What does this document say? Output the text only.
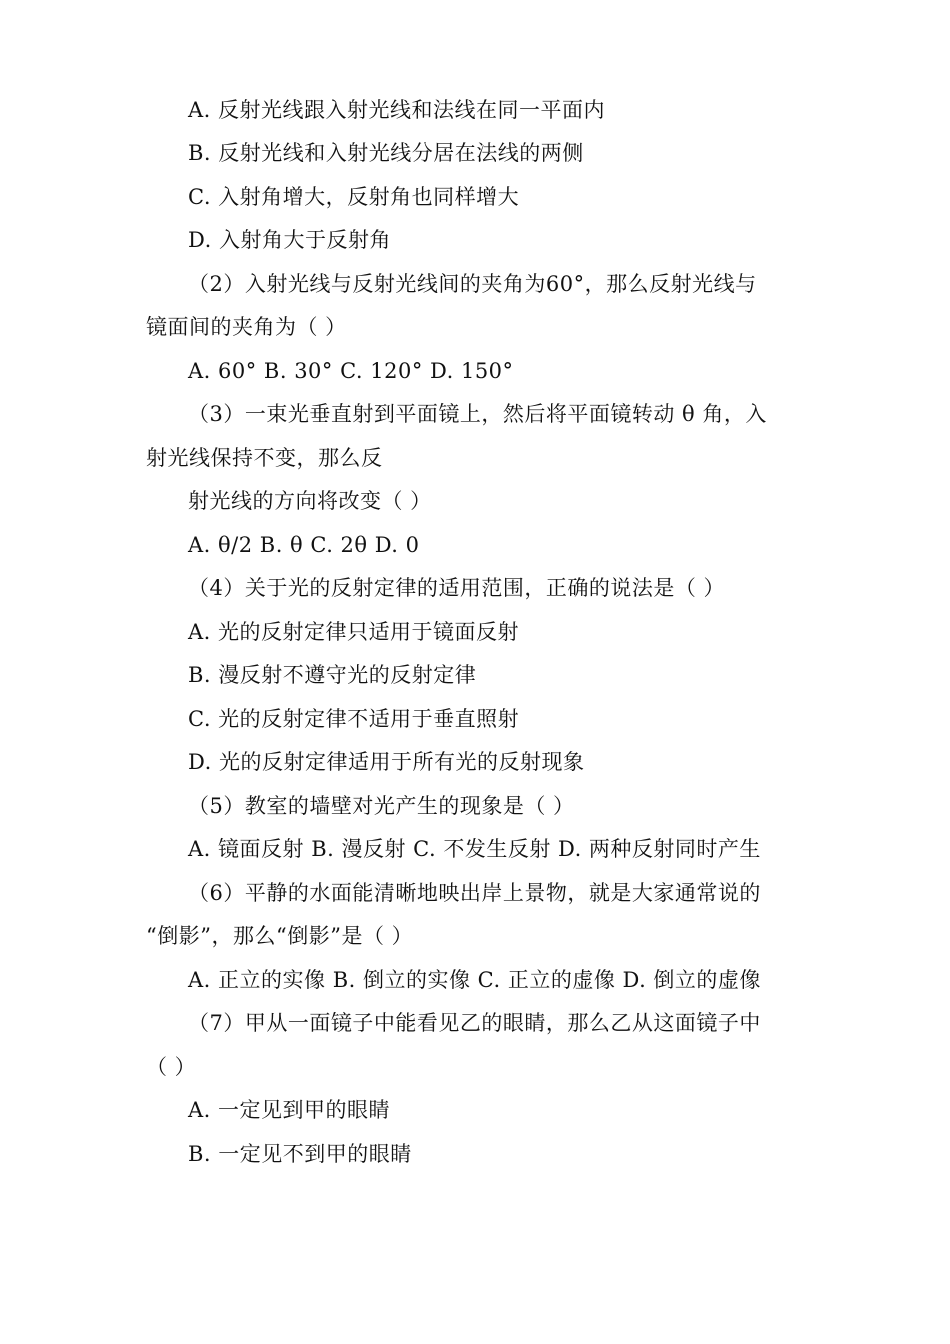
A. 反射光线跟入射光线和法线在同一平面内
B. 反射光线和入射光线分居在法线的两侧
C. 入射角增大，反射角也同样增大
D. 入射角大于反射角
（2）入射光线与反射光线间的夹角为60°，那么反射光线与
镜面间的夹角为（ ）
A. 60° B. 30° C. 120° D. 150°
（3）一束光垂直射到平面镜上，然后将平面镜转动 θ 角，入
射光线保持不变，那么反
射光线的方向将改变（ ）
A. θ/2 B. θ C. 2θ D. 0
（4）关于光的反射定律的适用范围，正确的说法是（ ）
A. 光的反射定律只适用于镜面反射
B. 漫反射不遵守光的反射定律
C. 光的反射定律不适用于垂直照射
D. 光的反射定律适用于所有光的反射现象
（5）教室的墙壁对光产生的现象是（ ）
A. 镜面反射 B. 漫反射 C. 不发生反射 D. 两种反射同时产生
（6）平静的水面能清晰地映出岸上景物，就是大家通常说的
“倒影”，那么“倒影”是（ ）
A. 正立的实像 B. 倒立的实像 C. 正立的虚像 D. 倒立的虚像
（7）甲从一面镜子中能看见乙的眼睛，那么乙从这面镜子中
（ ）
A. 一定见到甲的眼睛
B. 一定见不到甲的眼睛
